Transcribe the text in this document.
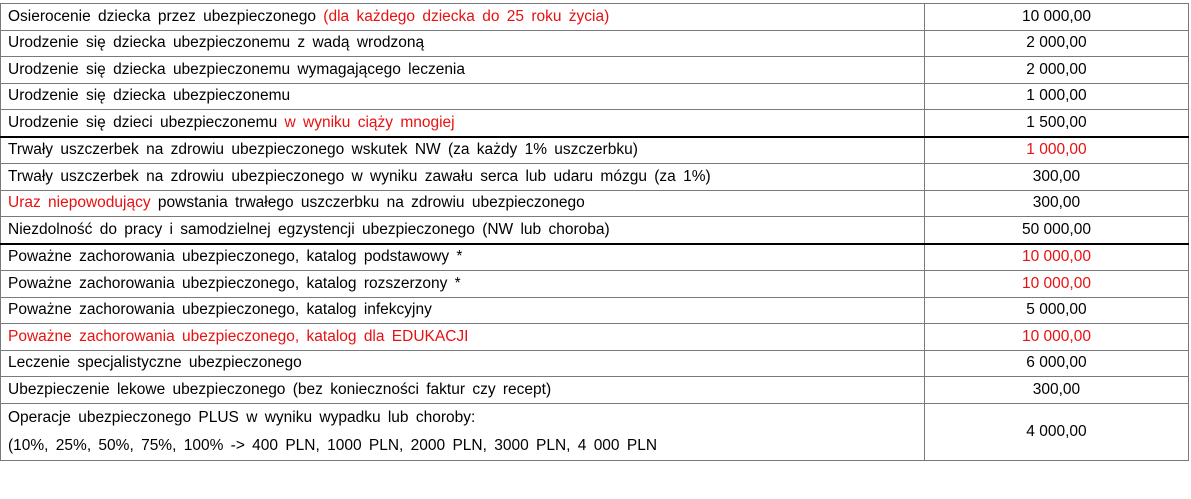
Osierocenie dziecka przez ubezpieczonego (dla każdego dziecka do 25 roku życia)	10 000,00
Urodzenie się dziecka ubezpieczonemu z wadą wrodzoną	2 000,00
Urodzenie się dziecka ubezpieczonemu wymagającego leczenia	2 000,00
Urodzenie się dziecka ubezpieczonemu	1 000,00
Urodzenie się dzieci ubezpieczonemu w wyniku ciąży mnogiej	1 500,00
Trwały uszczerbek na zdrowiu ubezpieczonego wskutek NW (za każdy 1% uszczerbku)	1 000,00
Trwały uszczerbek na zdrowiu ubezpieczonego w wyniku zawału serca lub udaru mózgu (za 1%)	300,00
Uraz niepowodujący powstania trwałego uszczerbku na zdrowiu ubezpieczonego	300,00
Niezdolność do pracy i samodzielnej egzystencji ubezpieczonego (NW lub choroba)	50 000,00
Poważne zachorowania ubezpieczonego, katalog podstawowy *	10 000,00
Poważne zachorowania ubezpieczonego, katalog rozszerzony *	10 000,00
Poważne zachorowania ubezpieczonego, katalog infekcyjny	5 000,00
Poważne zachorowania ubezpieczonego, katalog dla EDUKACJI	10 000,00
Leczenie specjalistyczne ubezpieczonego	6 000,00
Ubezpieczenie lekowe ubezpieczonego (bez konieczności faktur czy recept)	300,00

Operacje ubezpieczonego PLUS w wyniku wypadku lub choroby:
(10%, 25%, 50%, 75%, 100% -> 400 PLN, 1000 PLN, 2000 PLN, 3000 PLN, 4 000 PLN	4 000,00
